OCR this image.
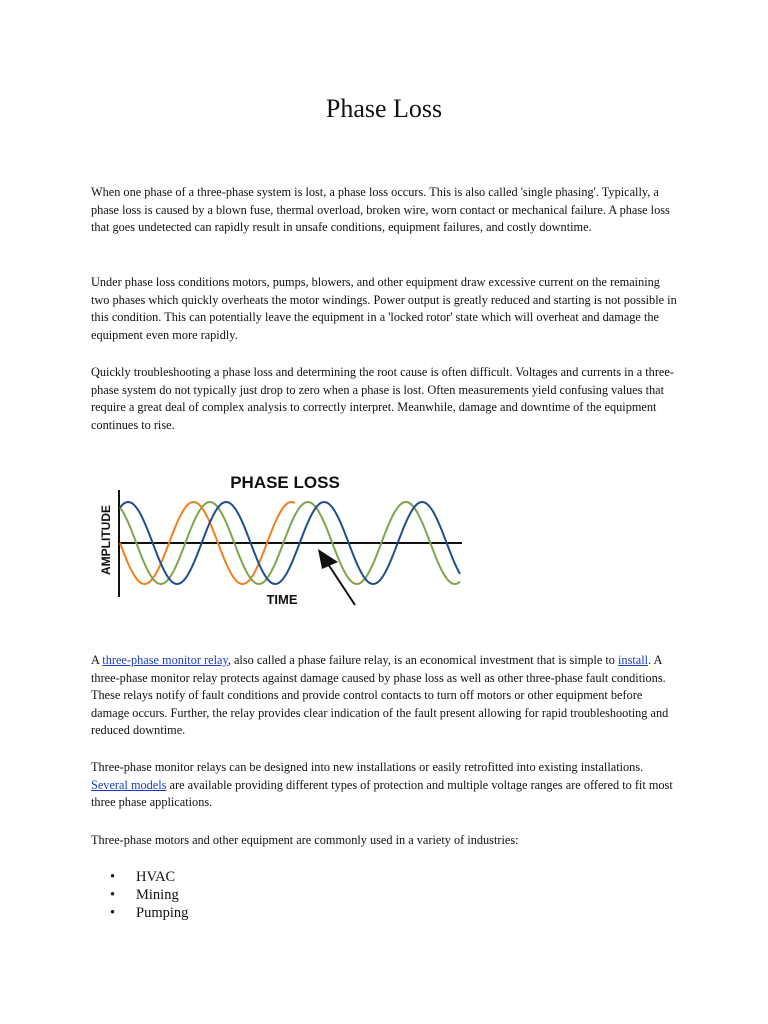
Phase Loss

When one phase of a three-phase system is lost, a phase loss occurs. This is also called 'single phasing'. Typically, a phase loss is caused by a blown fuse, thermal overload, broken wire, worn contact or mechanical failure. A phase loss that goes undetected can rapidly result in unsafe conditions, equipment failures, and costly downtime.

Under phase loss conditions motors, pumps, blowers, and other equipment draw excessive current on the remaining two phases which quickly overheats the motor windings. Power output is greatly reduced and starting is not possible in this condition. This can potentially leave the equipment in a 'locked rotor' state which will overheat and damage the equipment even more rapidly.

Quickly troubleshooting a phase loss and determining the root cause is often difficult. Voltages and currents in a three-phase system do not typically just drop to zero when a phase is lost. Often measurements yield confusing values that require a great deal of complex analysis to correctly interpret. Meanwhile, damage and downtime of the equipment continues to rise.

PHASE LOSS
AMPLITUDE
TIME

A three-phase monitor relay, also called a phase failure relay, is an economical investment that is simple to install. A three-phase monitor relay protects against damage caused by phase loss as well as other three-phase fault conditions. These relays notify of fault conditions and provide control contacts to turn off motors or other equipment before damage occurs. Further, the relay provides clear indication of the fault present allowing for rapid troubleshooting and reduced downtime.

Three-phase monitor relays can be designed into new installations or easily retrofitted into existing installations. Several models are available providing different types of protection and multiple voltage ranges are offered to fit most three phase applications.

Three-phase motors and other equipment are commonly used in a variety of industries:

• HVAC
• Mining
• Pumping
